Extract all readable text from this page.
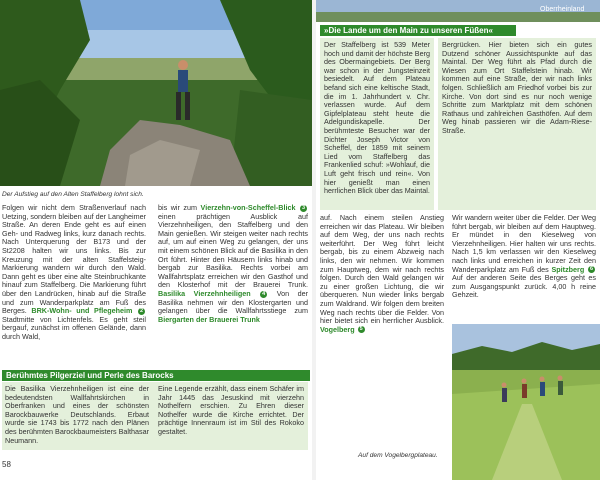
Oberrheinland
Der Aufstieg auf den Alten Staffelberg lohnt sich.
»Die Lande um den Main zu unseren Füßen«
Der Staffelberg ist 539 Meter hoch und damit der höchste Berg des Obermaingebiets. Der Berg war schon in der Jungsteinzeit besiedelt. Auf dem Plateau befand sich eine keltische Stadt, die im 1. Jahrhundert v. Chr. verlassen wurde. Auf dem Gipfelplateau steht heute die Adelgundiskapelle. Der berühmteste Besucher war der Dichter Joseph Victor von Scheffel, der 1859 mit seinem Lied vom Staffelberg das Frankenlied schuf: »Wohlauf, die Luft geht frisch und rein«. Von hier genießt man einen herrlichen Blick über das Maintal.
Bergrücken. Hier bieten sich ein gutes Dutzend schöner Aussichtspunkte auf das Maintal. Der Weg führt als Pfad durch die Wiesen zum Ort Staffelstein hinab. Wir kommen auf eine Straße, der wir nach links folgen. Schließlich am Friedhof vorbei bis zur Kirche. Von dort sind es nur noch wenige Schritte zum Marktplatz mit dem schönen Rathaus und zahlreichen Gasthöfen. Auf dem Weg hinab passieren wir die Adam-Riese-Straße.
Folgen wir nicht dem Straßenverlauf nach Uetzing, sondern bleiben auf der Langheimer Straße. An deren Ende geht es auf einen Geh- und Radweg links, kurz danach rechts. Nach Unterquerung der B173 und der St2208 halten wir uns links. Bis zur Kreuzung mit der alten Staffelsteig-Markierung wandern wir durch den Wald. Dann geht es über eine alte Steinbruchkante hinauf zum Staffelberg. Die Markierung führt über den Landrücken, hinab auf die Straße und zum Wanderparkplatz am Fuß des Berges. BRK-Wohn- und Pflegeheim 2 Stadtmitte von Lichtenfels. Es geht steil bergauf, zunächst im offenen Gelände, dann durch Wald,
bis wir zum Vierzehn-von-Scheffel-Blick 3 einen prächtigen Ausblick auf Vierzehnheiligen, den Staffelberg und den Main genießen. Wir steigen weiter nach rechts auf, um auf einen Weg zu gelangen, der uns mit einem schönen Blick auf die Basilika in den Ort führt. Hinter den Häusern links hinab und bergab zur Basilika. Rechts vorbei am Wallfahrtsplatz erreichen wir den Gasthof und den Klosterhof mit der Brauerei Trunk. Basilika Vierzehnheiligen 4 Von der Basilika nehmen wir den Klostergarten und gelangen über die Wallfahrtsstiege zum Biergarten der Brauerei Trunk
Berühmtes Pilgerziel und Perle des Barocks
Die Basilika Vierzehnheiligen ist eine der bedeutendsten Wallfahrtskirchen in Oberfranken und eines der schönsten Barockbauwerke Deutschlands. Erbaut wurde sie 1743 bis 1772 nach den Plänen des berühmten Barockbaumeisters Balthasar Neumann.
Eine Legende erzählt, dass einem Schäfer im Jahr 1445 das Jesuskind mit vierzehn Nothelfern erschien. Zu Ehren dieser Nothelfer wurde die Kirche errichtet. Der prächtige Innenraum ist im Stil des Rokoko gestaltet.
58
auf. Nach einem steilen Anstieg erreichen wir das Plateau. Wir bleiben auf dem Weg, der uns nach rechts weiterführt. Der Weg führt leicht bergab, bis zu einem Abzweig nach links, den wir nehmen. Wir kommen zum Hauptweg, dem wir nach rechts folgen. Durch den Wald gelangen wir zu einer großen Lichtung, die wir überqueren. Nun wieder links bergab zum Waldrand. Wir folgen dem breiten Weg nach rechts über die Felder. Von hier bietet sich ein herrlicher Ausblick. Vogelberg 5
Auf dem Vogelbergplateau.
Wir wandern weiter über die Felder. Der Weg führt bergab, wir bleiben auf dem Hauptweg. Er mündet in den Kieselweg von Vierzehnheiligen. Hier halten wir uns rechts. Nach 1,5 km verlassen wir den Kieselweg nach links und erreichen in kurzer Zeit den Wanderparkplatz am Fuß des Spitzberg 6 Auf der anderen Seite des Berges geht es zum Ausgangspunkt zurück. 4,00 h reine Gehzeit.
